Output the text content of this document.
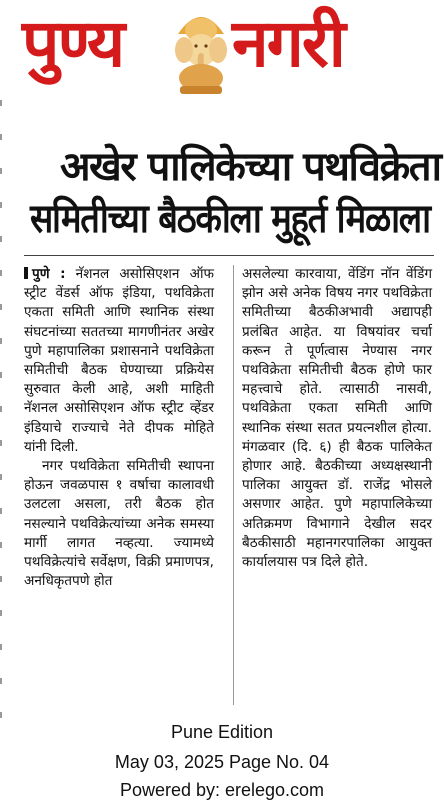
पुण्य नगरी
अखेर पालिकेच्या पथविक्रेता
समितीच्या बैठकीला मुहूर्त मिळाला

पुणे : नॅशनल असोसिएशन ऑफ स्ट्रीट वेंडर्स ऑफ इंडिया, पथविक्रेता एकता समिती आणि स्थानिक संस्था संघटनांच्या सततच्या मागणीनंतर अखेर पुणे महापालिका प्रशासनाने पथविक्रेता समितीची बैठक घेण्याच्या प्रक्रियेस सुरुवात केली आहे, अशी माहिती नॅशनल असोसिएशन ऑफ स्ट्रीट व्हेंडर इंडियाचे राज्याचे नेते दीपक मोहिते यांनी दिली.

नगर पथविक्रेता समितीची स्थापना होऊन जवळपास १ वर्षाचा कालावधी उलटला असला, तरी बैठक होत नसल्याने पथविक्रेत्यांच्या अनेक समस्या मार्गी लागत नव्हत्या. ज्यामध्ये पथविक्रेत्यांचे सर्वेक्षण, विक्री प्रमाणपत्र, अनधिकृतपणे होत

असलेल्या कारवाया, वेंडिंग नॉन वेंडिंग झोन असे अनेक विषय नगर पथविक्रेता समितीच्या बैठकीअभावी अद्यापही प्रलंबित आहेत. या विषयांवर चर्चा करून ते पूर्णत्वास नेण्यास नगर पथविक्रेता समितीची बैठक होणे फार महत्त्वाचे होते. त्यासाठी नासवी, पथविक्रेता एकता समिती आणि स्थानिक संस्था सतत प्रयत्नशील होत्या. मंगळवार (दि. ६) ही बैठक पालिकेत होणार आहे. बैठकीच्या अध्यक्षस्थानी पालिका आयुक्त डॉ. राजेंद्र भोसले असणार आहेत. पुणे महापालिकेच्या अतिक्रमण विभागाने देखील सदर बैठकीसाठी महानगरपालिका आयुक्त कार्यालयास पत्र दिले होते.

Pune Edition
May 03, 2025 Page No. 04
Powered by: erelego.com
